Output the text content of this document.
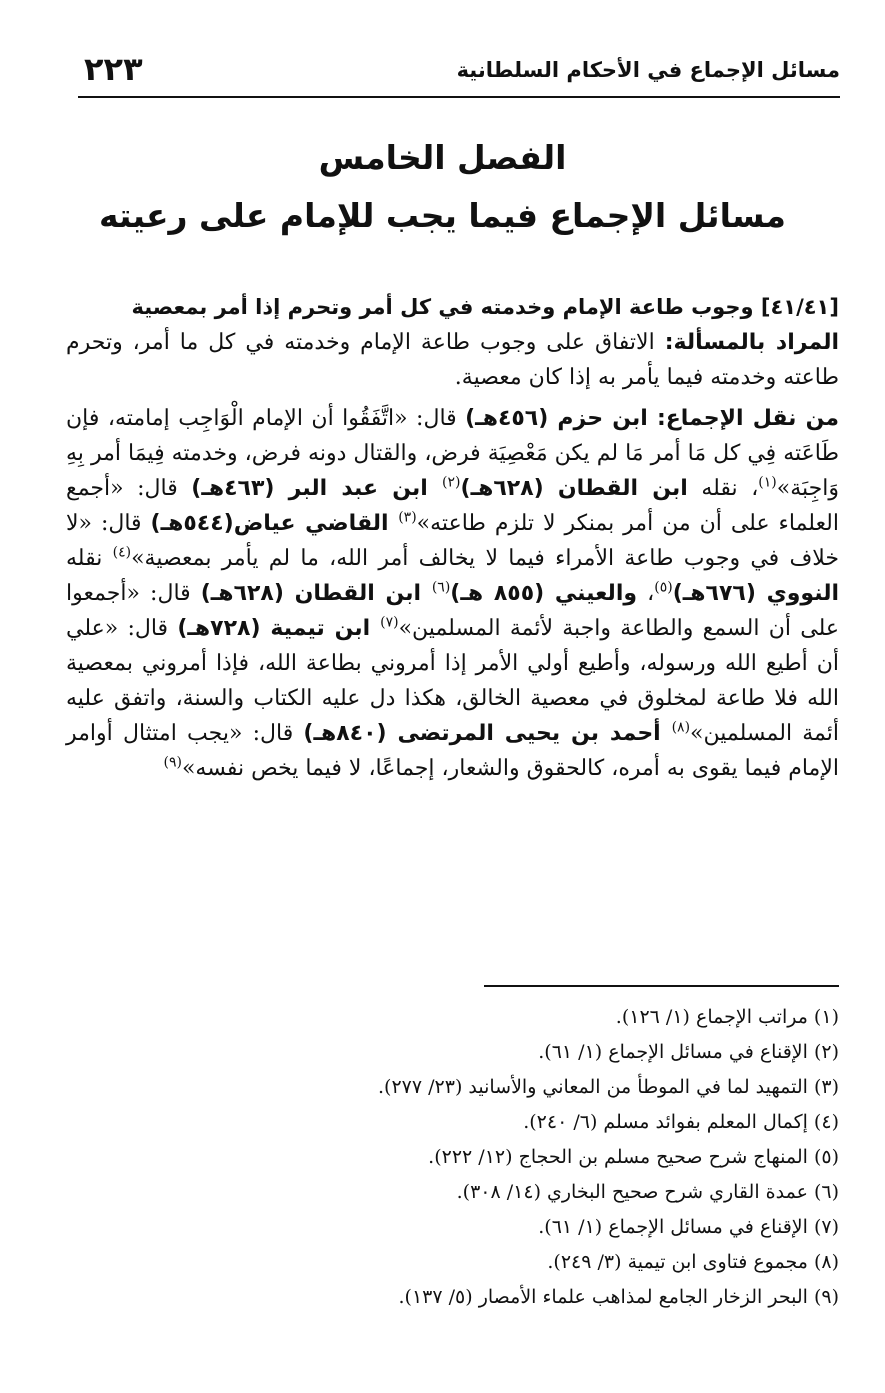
مسائل الإجماع في الأحكام السلطانية
٢٢٣
الفصل الخامس
مسائل الإجماع فيما يجب للإمام على رعيته

[٤١/٤١] وجوب طاعة الإمام وخدمته في كل أمر وتحرم إذا أمر بمعصية

المراد بالمسألة: الاتفاق على وجوب طاعة الإمام وخدمته في كل ما أمر، وتحرم طاعته وخدمته فيما يأمر به إذا كان معصية.

من نقل الإجماع: ابن حزم (٤٥٦هـ) قال: «اتَّفَقُوا أن الإمام الْوَاجِب إمامته، فإن طَاعَته فِي كل مَا أمر مَا لم يكن مَعْصِيَة فرض، والقتال دونه فرض، وخدمته فِيمَا أمر بِهِ وَاجِبَة»$^{(١)}$، نقله ابن القطان (٦٢٨هـ)$^{(٢)}$ ابن عبد البر (٤٦٣هـ) قال: «أجمع العلماء على أن من أمر بمنكر لا تلزم طاعته»$^{(٣)}$ القاضي عياض(٥٤٤هـ) قال: «لا خلاف في وجوب طاعة الأمراء فيما لا يخالف أمر الله، ما لم يأمر بمعصية»$^{(٤)}$ نقله النووي (٦٧٦هـ)$^{(٥)}$، والعيني (٨٥٥ هـ)$^{(٦)}$ ابن القطان (٦٢٨هـ) قال: «أجمعوا على أن السمع والطاعة واجبة لأئمة المسلمين»$^{(٧)}$ ابن تيمية (٧٢٨هـ) قال: «علي أن أطيع الله ورسوله، وأطيع أولي الأمر إذا أمروني بطاعة الله، فإذا أمروني بمعصية الله فلا طاعة لمخلوق في معصية الخالق، هكذا دل عليه الكتاب والسنة، واتفق عليه أئمة المسلمين»$^{(٨)}$ أحمد بن يحيى المرتضى (٨٤٠هـ) قال: «يجب امتثال أوامر الإمام فيما يقوى به أمره، كالحقوق والشعار، إجماعًا، لا فيما يخص نفسه»$^{(٩)}$

(١) مراتب الإجماع (١/ ١٢٦).
(٢) الإقناع في مسائل الإجماع (١/ ٦١).
(٣) التمهيد لما في الموطأ من المعاني والأسانيد (٢٣/ ٢٧٧).
(٤) إكمال المعلم بفوائد مسلم (٦/ ٢٤٠).
(٥) المنهاج شرح صحيح مسلم بن الحجاج (١٢/ ٢٢٢).
(٦) عمدة القاري شرح صحيح البخاري (١٤/ ٣٠٨).
(٧) الإقناع في مسائل الإجماع (١/ ٦١).
(٨) مجموع فتاوى ابن تيمية (٣/ ٢٤٩).
(٩) البحر الزخار الجامع لمذاهب علماء الأمصار (٥/ ١٣٧).
